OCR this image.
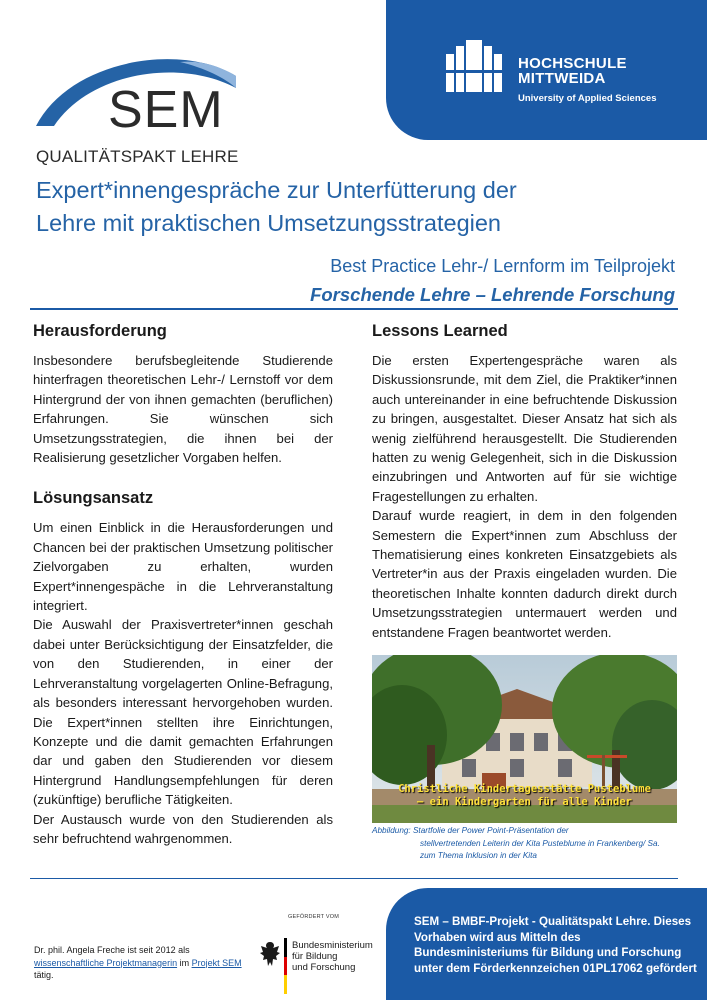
SEM
QUALITÄTSPAKT LEHRE
HOCHSCHULE
MITTWEIDA
University of Applied Sciences
Expert*innengespräche zur Unterfütterung der
Lehre mit praktischen Umsetzungsstrategien
Best Practice Lehr-/ Lernform im Teilprojekt
Forschende Lehre – Lehrende Forschung
Herausforderung
Insbesondere berufsbegleitende Studierende hinterfragen theoretischen Lehr-/ Lernstoff vor dem Hintergrund der von ihnen gemachten (beruflichen) Erfahrungen. Sie wünschen sich Umsetzungsstrategien, die ihnen bei der Realisierung gesetzlicher Vorgaben helfen.
Lösungsansatz
Um einen Einblick in die Herausforderungen und Chancen bei der praktischen Umsetzung politischer Zielvorgaben zu erhalten, wurden Expert*innengespäche in die Lehrveranstaltung integriert.
Die Auswahl der Praxisvertreter*innen geschah dabei unter Berücksichtigung der Einsatzfelder, die von den Studierenden, in einer der Lehrveranstaltung vorgelagerten Online-Befragung, als besonders interessant hervorgehoben wurden. Die Expert*innen stellten ihre Einrichtungen, Konzepte und die damit gemachten Erfahrungen dar und gaben den Studierenden vor diesem Hintergrund Handlungsempfehlungen für deren (zukünftige) berufliche Tätigkeiten.
Der Austausch wurde von den Studierenden als sehr befruchtend wahrgenommen.
Lessons Learned
Die ersten Expertengespräche waren als Diskussionsrunde, mit dem Ziel, die Praktiker*innen auch untereinander in eine befruchtende Diskussion zu bringen, ausgestaltet. Dieser Ansatz hat sich als wenig zielführend herausgestellt. Die Studierenden hatten zu wenig Gelegenheit, sich in die Diskussion einzubringen und Antworten auf für sie wichtige Fragestellungen zu erhalten.
Darauf wurde reagiert, in dem in den folgenden Semestern die Expert*innen zum Abschluss der Thematisierung eines konkreten Einsatzgebiets als Vertreter*in aus der Praxis eingeladen wurden. Die theoretischen Inhalte konnten dadurch direkt durch Umsetzungsstrategien untermauert werden und entstandene Fragen beantwortet werden.
Christliche Kindertagesstätte Pusteblume
– ein Kindergarten für alle Kinder
Abbildung: Startfolie der Power Point-Präsentation der
stellvertretenden Leiterin der Kita Pusteblume in Frankenberg/ Sa. zum Thema Inklusion in der Kita
Dr. phil. Angela Freche ist seit 2012 als wissenschaftliche Projektmanagerin im Projekt SEM tätig.
GEFÖRDERT VOM
Bundesministerium
für Bildung
und Forschung
SEM – BMBF-Projekt - Qualitätspakt Lehre. Dieses Vorhaben wird aus Mitteln des Bundesministeriums für Bildung und Forschung unter dem Förderkennzeichen 01PL17062 gefördert
